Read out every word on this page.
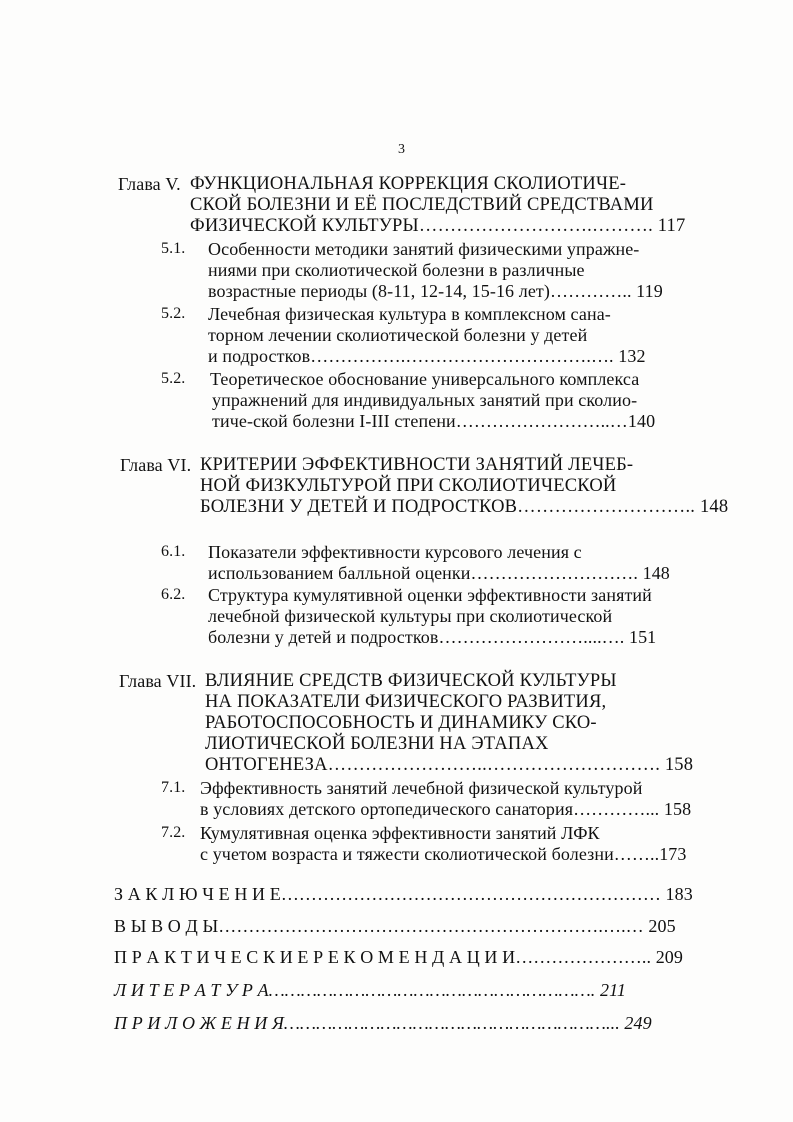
3
Глава V. ФУНКЦИОНАЛЬНАЯ КОРРЕКЦИЯ СКОЛИОТИЧЕ-
СКОЙ БОЛЕЗНИ И ЕЁ ПОСЛЕДСТВИЙ СРЕДСТВАМИ
ФИЗИЧЕСКОЙ КУЛЬТУРЫ……………………….………. 117
5.1. Особенности методики занятий физическими упражне-
ниями при сколиотической болезни в различные
возрастные периоды (8-11, 12-14, 15-16 лет)………….. 119
5.2. Лечебная физическая культура в комплексном сана-
торном лечении сколиотической болезни у детей
и подростков…………….………………………….…. 132
5.2. Теоретическое обоснование универсального комплекса
упражнений для индивидуальных занятий при сколио-
тиче-ской болезни I-III степени……………………..…140
Глава VI. КРИТЕРИИ ЭФФЕКТИВНОСТИ ЗАНЯТИЙ ЛЕЧЕБ-
НОЙ ФИЗКУЛЬТУРОЙ ПРИ СКОЛИОТИЧЕСКОЙ
БОЛЕЗНИ У ДЕТЕЙ И ПОДРОСТКОВ……………………….. 148
6.1. Показатели эффективности курсового лечения с
использованием балльной оценки………………………. 148
6.2. Структура кумулятивной оценки эффективности занятий
лечебной физической культуры при сколиотической
болезни у детей и подростков……………………....…. 151
Глава VII. ВЛИЯНИЕ СРЕДСТВ ФИЗИЧЕСКОЙ КУЛЬТУРЫ
НА ПОКАЗАТЕЛИ ФИЗИЧЕСКОГО РАЗВИТИЯ,
РАБОТОСПОСОБНОСТЬ И ДИНАМИКУ СКО-
ЛИОТИЧЕСКОЙ БОЛЕЗНИ НА ЭТАПАХ
ОНТОГЕНЕЗА……………………..………………………. 158
7.1. Эффективность занятий лечебной физической культурой
в условиях детского ортопедического санатория…………... 158
7.2. Кумулятивная оценка эффективности занятий ЛФК
с учетом возраста и тяжести сколиотической болезни……..173
З А К Л Ю Ч Е Н И Е……………………………………………………… 183
В Ы В О Д Ы……………………………………………………….….… 205
П Р А К Т И Ч Е С К И Е Р Е К О М Е Н Д А Ц И И………………….. 209
Л И Т Е Р А Т У Р А……………………………………………………. 211
П Р И Л О Ж Е Н И Я……………………………………………………... 249
